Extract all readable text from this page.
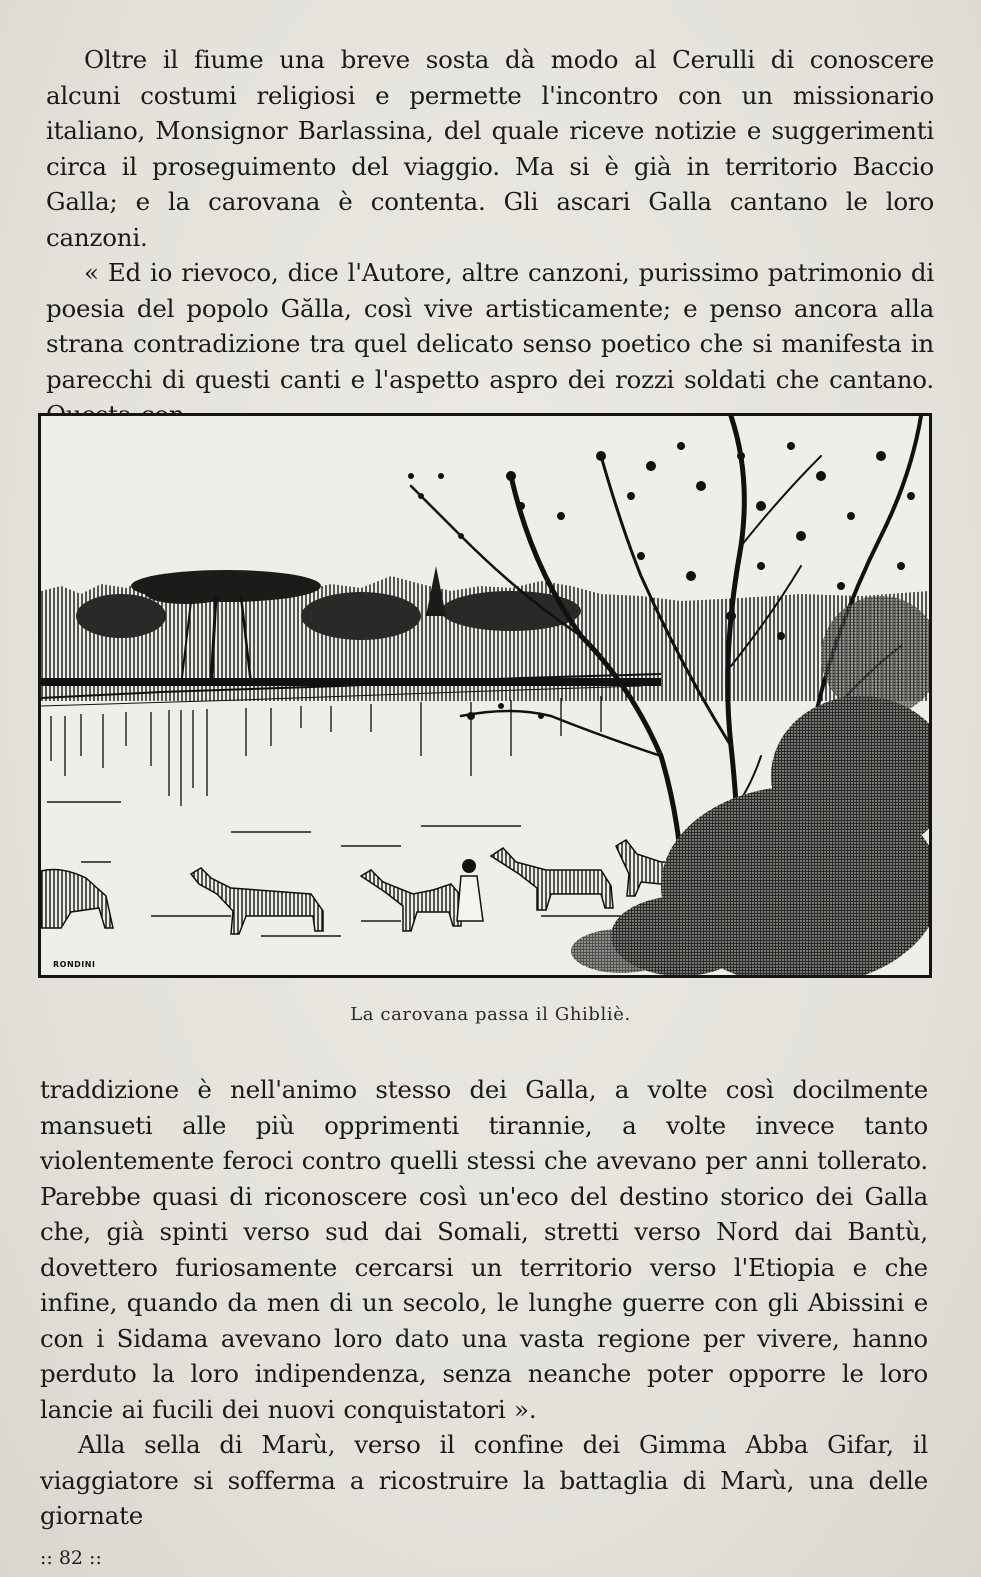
Oltre il fiume una breve sosta dà modo al Cerulli di conoscere alcuni costumi religiosi e permette l'incontro con un missionario italiano, Monsignor Barlassina, del quale riceve notizie e suggerimenti circa il proseguimento del viaggio. Ma si è già in territorio Baccio Galla; e la carovana è contenta. Gli ascari Galla cantano le loro canzoni.

« Ed io rievoco, dice l'Autore, altre canzoni, purissimo patrimonio di poesia del popolo Gălla, così vive artisticamente; e penso ancora alla strana contradizione tra quel delicato senso poetico che si manifesta in parecchi di questi canti e l'aspetto aspro dei rozzi soldati che cantano.

RONDINI
La carovana passa il Ghibliè.

traddizione è nell'animo stesso dei Galla, a volte così docilmente mansueti alle più opprimenti tirannie, a volte invece tanto violentemente feroci contro quelli stessi che avevano per anni tollerato. Parebbe quasi di riconoscere così un'eco del destino storico dei Galla che, già spinti verso sud dai Somali, stretti verso Nord dai Bantù, dovettero furiosamente cercarsi un territorio verso l'Etiopia e che infine, quando da men di un secolo, le lunghe guerre con gli Abissini e con i Sidama avevano loro dato una vasta regione per vivere, hanno perduto la loro indipendenza, senza neanche poter opporre le loro lancie ai fucili dei nuovi conquistatori ».

Alla sella di Marù, verso il confine dei Gimma Abba Gifar, il viaggiatore si sofferma a ricostruire la battaglia di Marù, una delle giornate

:: 82 ::
